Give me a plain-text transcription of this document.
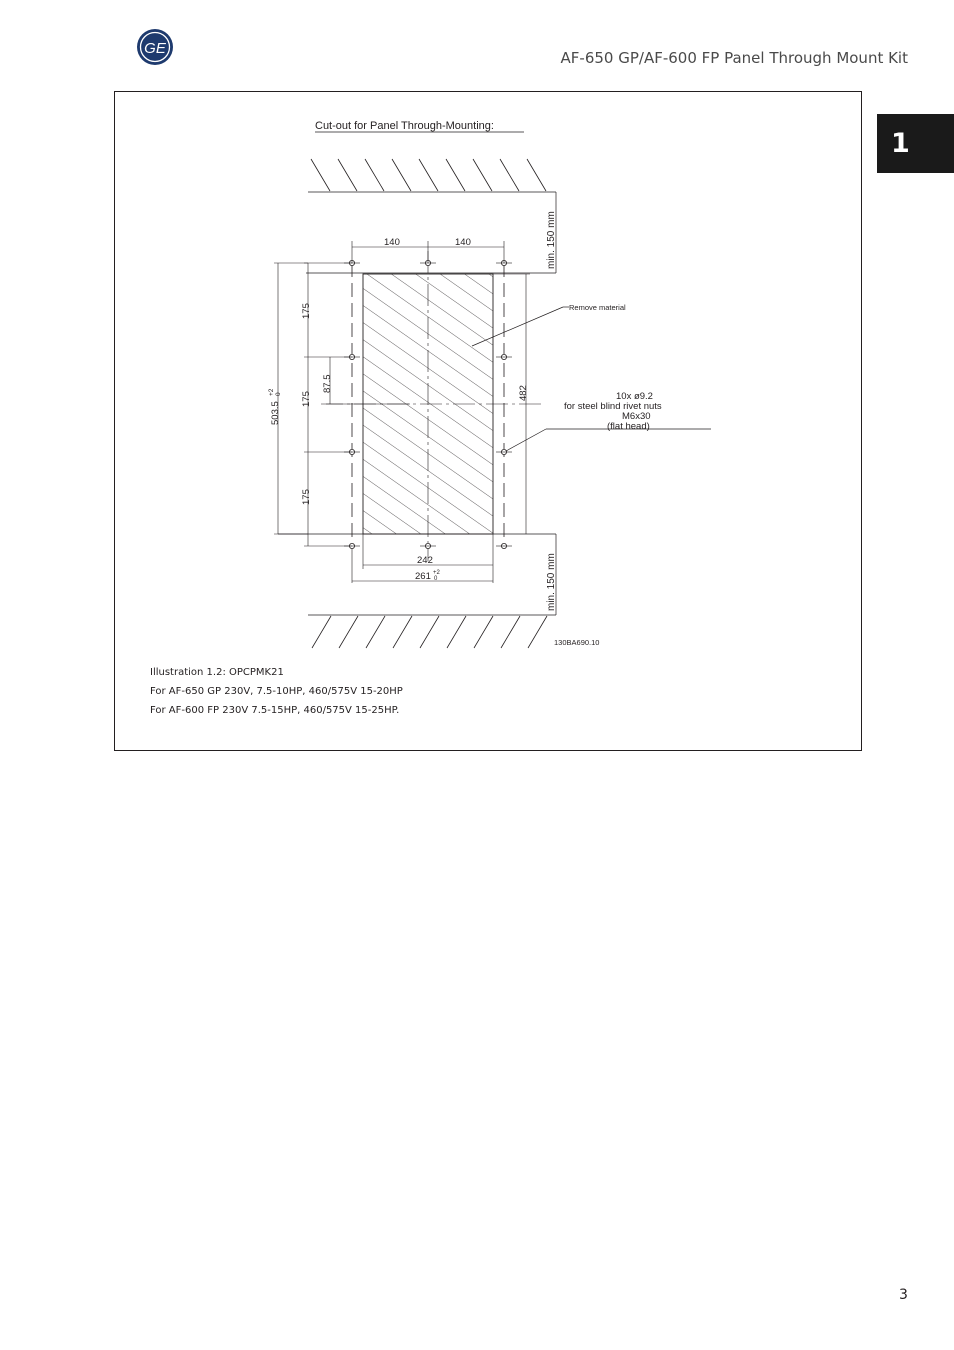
GE
AF-650 GP/AF-600 FP Panel Through Mount Kit
1
Cut-out for Panel Through-Mounting:
min. 150 mm
min. 150 mm
140	140
175
175
175
87.5
503.5
+2 0	482
242
261 +2
0
Remove material
10x ø9.2
for steel blind rivet nuts
M6x30
(flat head)
130BA690.10
Illustration 1.2: OPCPMK21
For AF-650 GP 230V, 7.5-10HP, 460/575V 15-20HP
For AF-600 FP 230V 7.5-15HP, 460/575V 15-25HP.
3
